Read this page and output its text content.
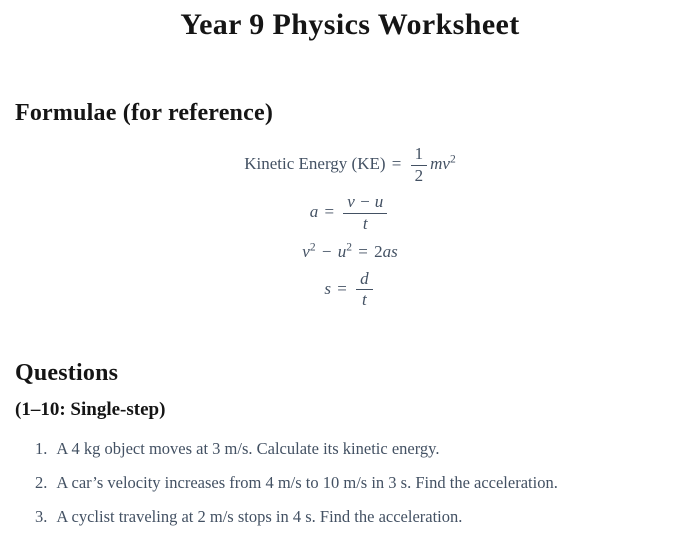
Year 9 Physics Worksheet
Formulae (for reference)
Kinetic Energy $(KE) = \frac{1}{2} mv^2$
$a = \frac{v - u}{t}$
$v^2 - u^2 = 2as$
$s = \frac{d}{t}$
Questions
(1–10: Single-step)
1. A 4 kg object moves at 3 m/s. Calculate its kinetic energy.
2. A car’s velocity increases from 4 m/s to 10 m/s in 3 s. Find the acceleration.
3. A cyclist traveling at 2 m/s stops in 4 s. Find the acceleration.
